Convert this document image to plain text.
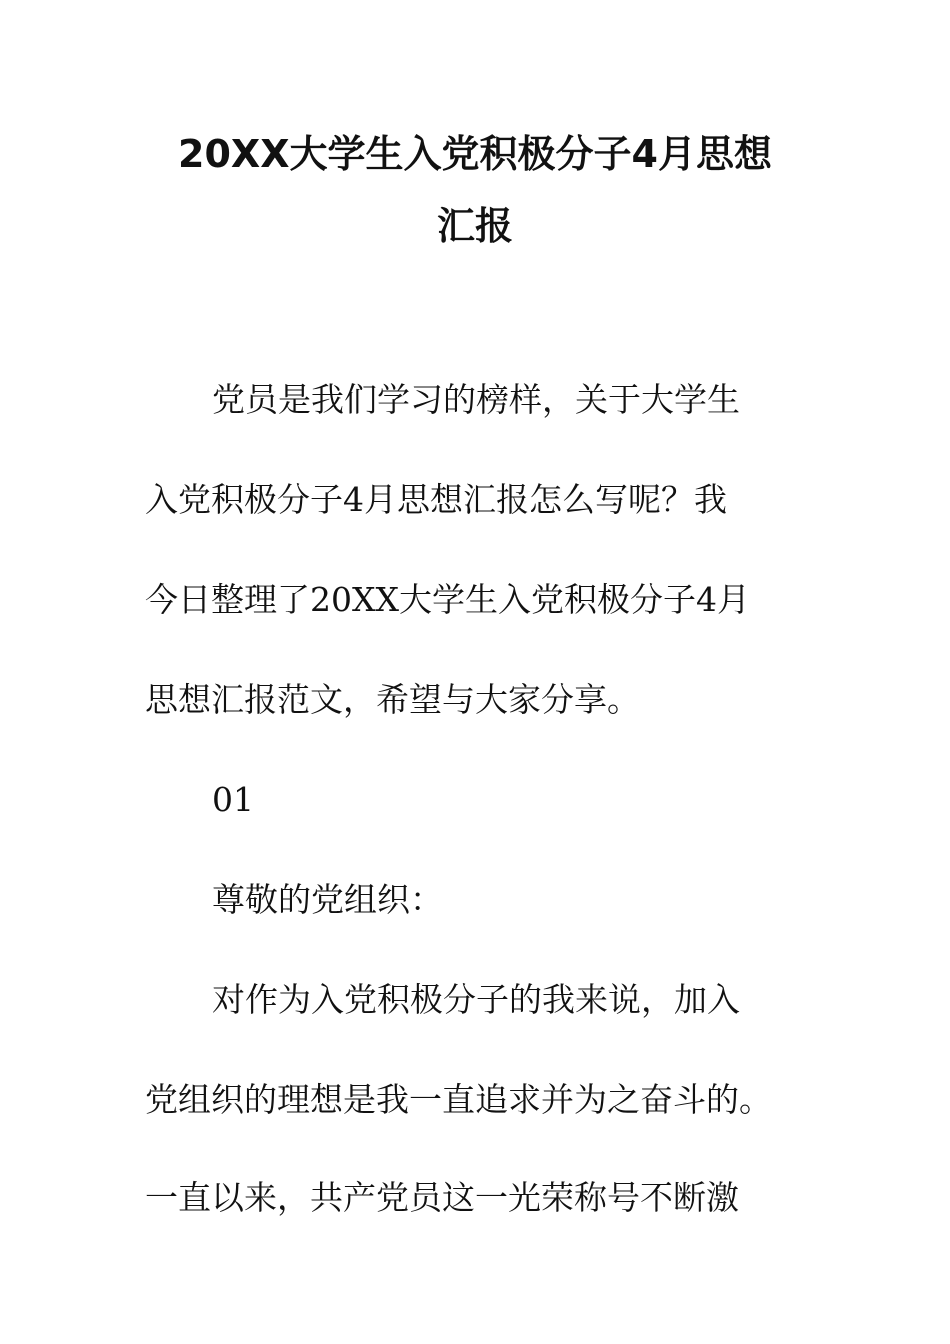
20XX大学生入党积极分子4月思想
汇报

党员是我们学习的榜样，关于大学生

入党积极分子4月思想汇报怎么写呢？我

今日整理了20XX大学生入党积极分子4月

思想汇报范文，希望与大家分享。

01

尊敬的党组织：

对作为入党积极分子的我来说，加入

党组织的理想是我一直追求并为之奋斗的。

一直以来，共产党员这一光荣称号不断激
